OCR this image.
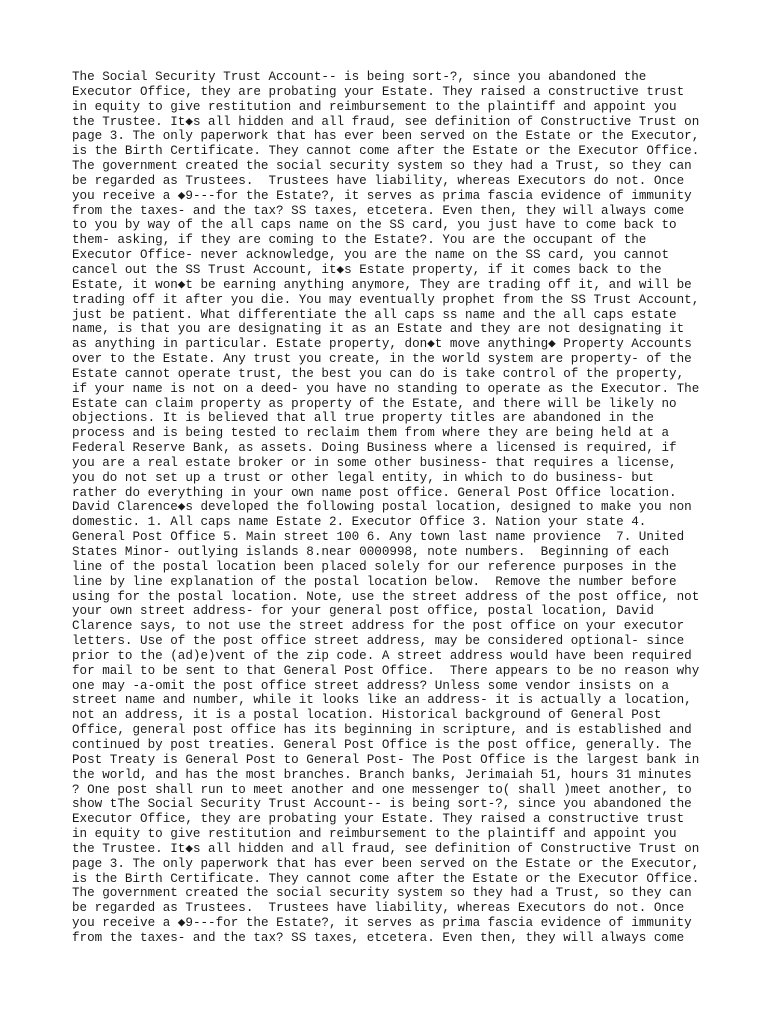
The Social Security Trust Account-- is being sort-?, since you abandoned the
Executor Office, they are probating your Estate. They raised a constructive trust
in equity to give restitution and reimbursement to the plaintiff and appoint you
the Trustee. It◆s all hidden and all fraud, see definition of Constructive Trust on
page 3. The only paperwork that has ever been served on the Estate or the Executor,
is the Birth Certificate. They cannot come after the Estate or the Executor Office.
The government created the social security system so they had a Trust, so they can
be regarded as Trustees.  Trustees have liability, whereas Executors do not. Once
you receive a ◆9---for the Estate?, it serves as prima fascia evidence of immunity
from the taxes- and the tax? SS taxes, etcetera. Even then, they will always come
to you by way of the all caps name on the SS card, you just have to come back to
them- asking, if they are coming to the Estate?. You are the occupant of the
Executor Office- never acknowledge, you are the name on the SS card, you cannot
cancel out the SS Trust Account, it◆s Estate property, if it comes back to the
Estate, it won◆t be earning anything anymore, They are trading off it, and will be
trading off it after you die. You may eventually prophet from the SS Trust Account,
just be patient. What differentiate the all caps ss name and the all caps estate
name, is that you are designating it as an Estate and they are not designating it
as anything in particular. Estate property, don◆t move anything◆ Property Accounts
over to the Estate. Any trust you create, in the world system are property- of the
Estate cannot operate trust, the best you can do is take control of the property,
if your name is not on a deed- you have no standing to operate as the Executor. The
Estate can claim property as property of the Estate, and there will be likely no
objections. It is believed that all true property titles are abandoned in the
process and is being tested to reclaim them from where they are being held at a
Federal Reserve Bank, as assets. Doing Business where a licensed is required, if
you are a real estate broker or in some other business- that requires a license,
you do not set up a trust or other legal entity, in which to do business- but
rather do everything in your own name post office. General Post Office location.
David Clarence◆s developed the following postal location, designed to make you non
domestic. 1. All caps name Estate 2. Executor Office 3. Nation your state 4.
General Post Office 5. Main street 100 6. Any town last name provience  7. United
States Minor- outlying islands 8.near 0000998, note numbers.  Beginning of each
line of the postal location been placed solely for our reference purposes in the
line by line explanation of the postal location below.  Remove the number before
using for the postal location. Note, use the street address of the post office, not
your own street address- for your general post office, postal location, David
Clarence says, to not use the street address for the post office on your executor
letters. Use of the post office street address, may be considered optional- since
prior to the (ad)e)vent of the zip code. A street address would have been required
for mail to be sent to that General Post Office.  There appears to be no reason why
one may -a-omit the post office street address? Unless some vendor insists on a
street name and number, while it looks like an address- it is actually a location,
not an address, it is a postal location. Historical background of General Post
Office, general post office has its beginning in scripture, and is established and
continued by post treaties. General Post Office is the post office, generally. The
Post Treaty is General Post to General Post- The Post Office is the largest bank in
the world, and has the most branches. Branch banks, Jerimaiah 51, hours 31 minutes
? One post shall run to meet another and one messenger to( shall )meet another, to
show tThe Social Security Trust Account-- is being sort-?, since you abandoned the
Executor Office, they are probating your Estate. They raised a constructive trust
in equity to give restitution and reimbursement to the plaintiff and appoint you
the Trustee. It◆s all hidden and all fraud, see definition of Constructive Trust on
page 3. The only paperwork that has ever been served on the Estate or the Executor,
is the Birth Certificate. They cannot come after the Estate or the Executor Office.
The government created the social security system so they had a Trust, so they can
be regarded as Trustees.  Trustees have liability, whereas Executors do not. Once
you receive a ◆9---for the Estate?, it serves as prima fascia evidence of immunity
from the taxes- and the tax? SS taxes, etcetera. Even then, they will always come
